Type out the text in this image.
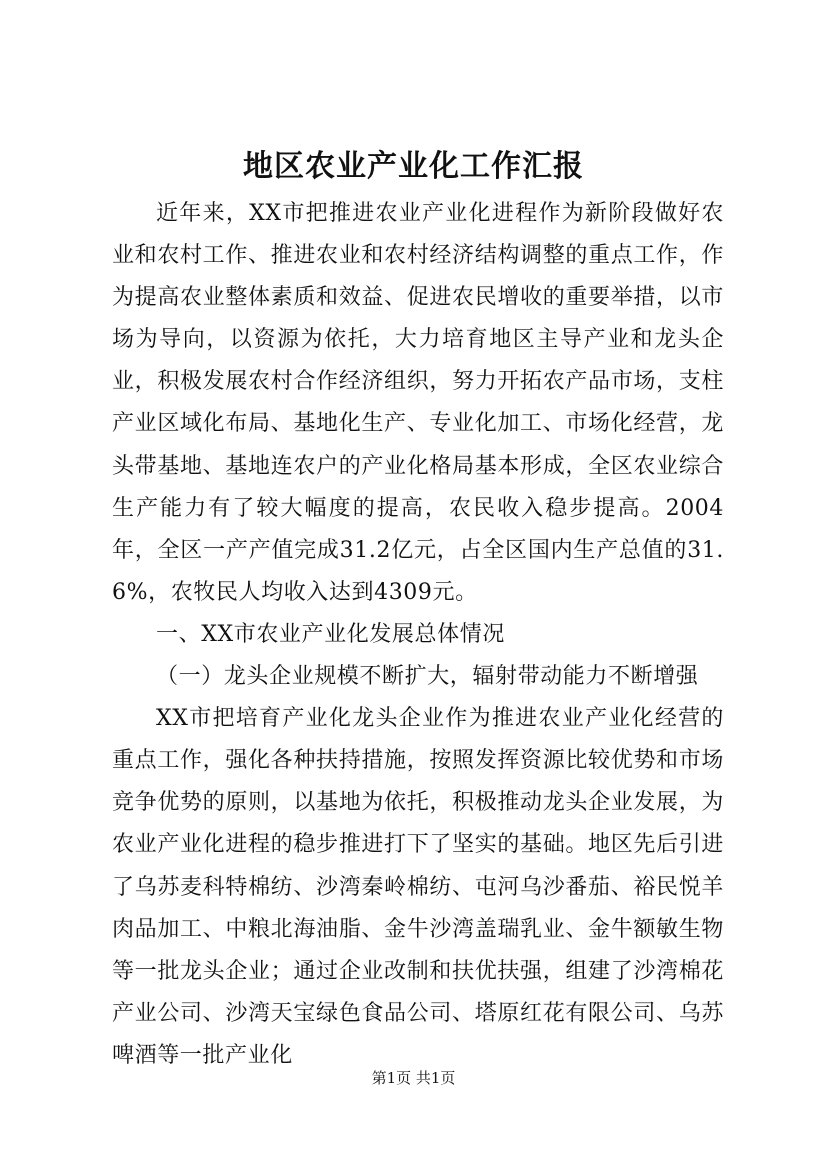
地区农业产业化工作汇报

近年来，XX市把推进农业产业化进程作为新阶段做好农业和农村工作、推进农业和农村经济结构调整的重点工作，作为提高农业整体素质和效益、促进农民增收的重要举措，以市场为导向，以资源为依托，大力培育地区主导产业和龙头企业，积极发展农村合作经济组织，努力开拓农产品市场，支柱产业区域化布局、基地化生产、专业化加工、市场化经营，龙头带基地、基地连农户的产业化格局基本形成，全区农业综合生产能力有了较大幅度的提高，农民收入稳步提高。2004年，全区一产产值完成31.2亿元，占全区国内生产总值的31.6%，农牧民人均收入达到4309元。

一、XX市农业产业化发展总体情况

（一）龙头企业规模不断扩大，辐射带动能力不断增强

XX市把培育产业化龙头企业作为推进农业产业化经营的重点工作，强化各种扶持措施，按照发挥资源比较优势和市场竞争优势的原则，以基地为依托，积极推动龙头企业发展，为农业产业化进程的稳步推进打下了坚实的基础。地区先后引进了乌苏麦科特棉纺、沙湾秦岭棉纺、屯河乌沙番茄、裕民悦羊肉品加工、中粮北海油脂、金牛沙湾盖瑞乳业、金牛额敏生物等一批龙头企业；通过企业改制和扶优扶强，组建了沙湾棉花产业公司、沙湾天宝绿色食品公司、塔原红花有限公司、乌苏啤酒等一批产业化

第1页 共1页
